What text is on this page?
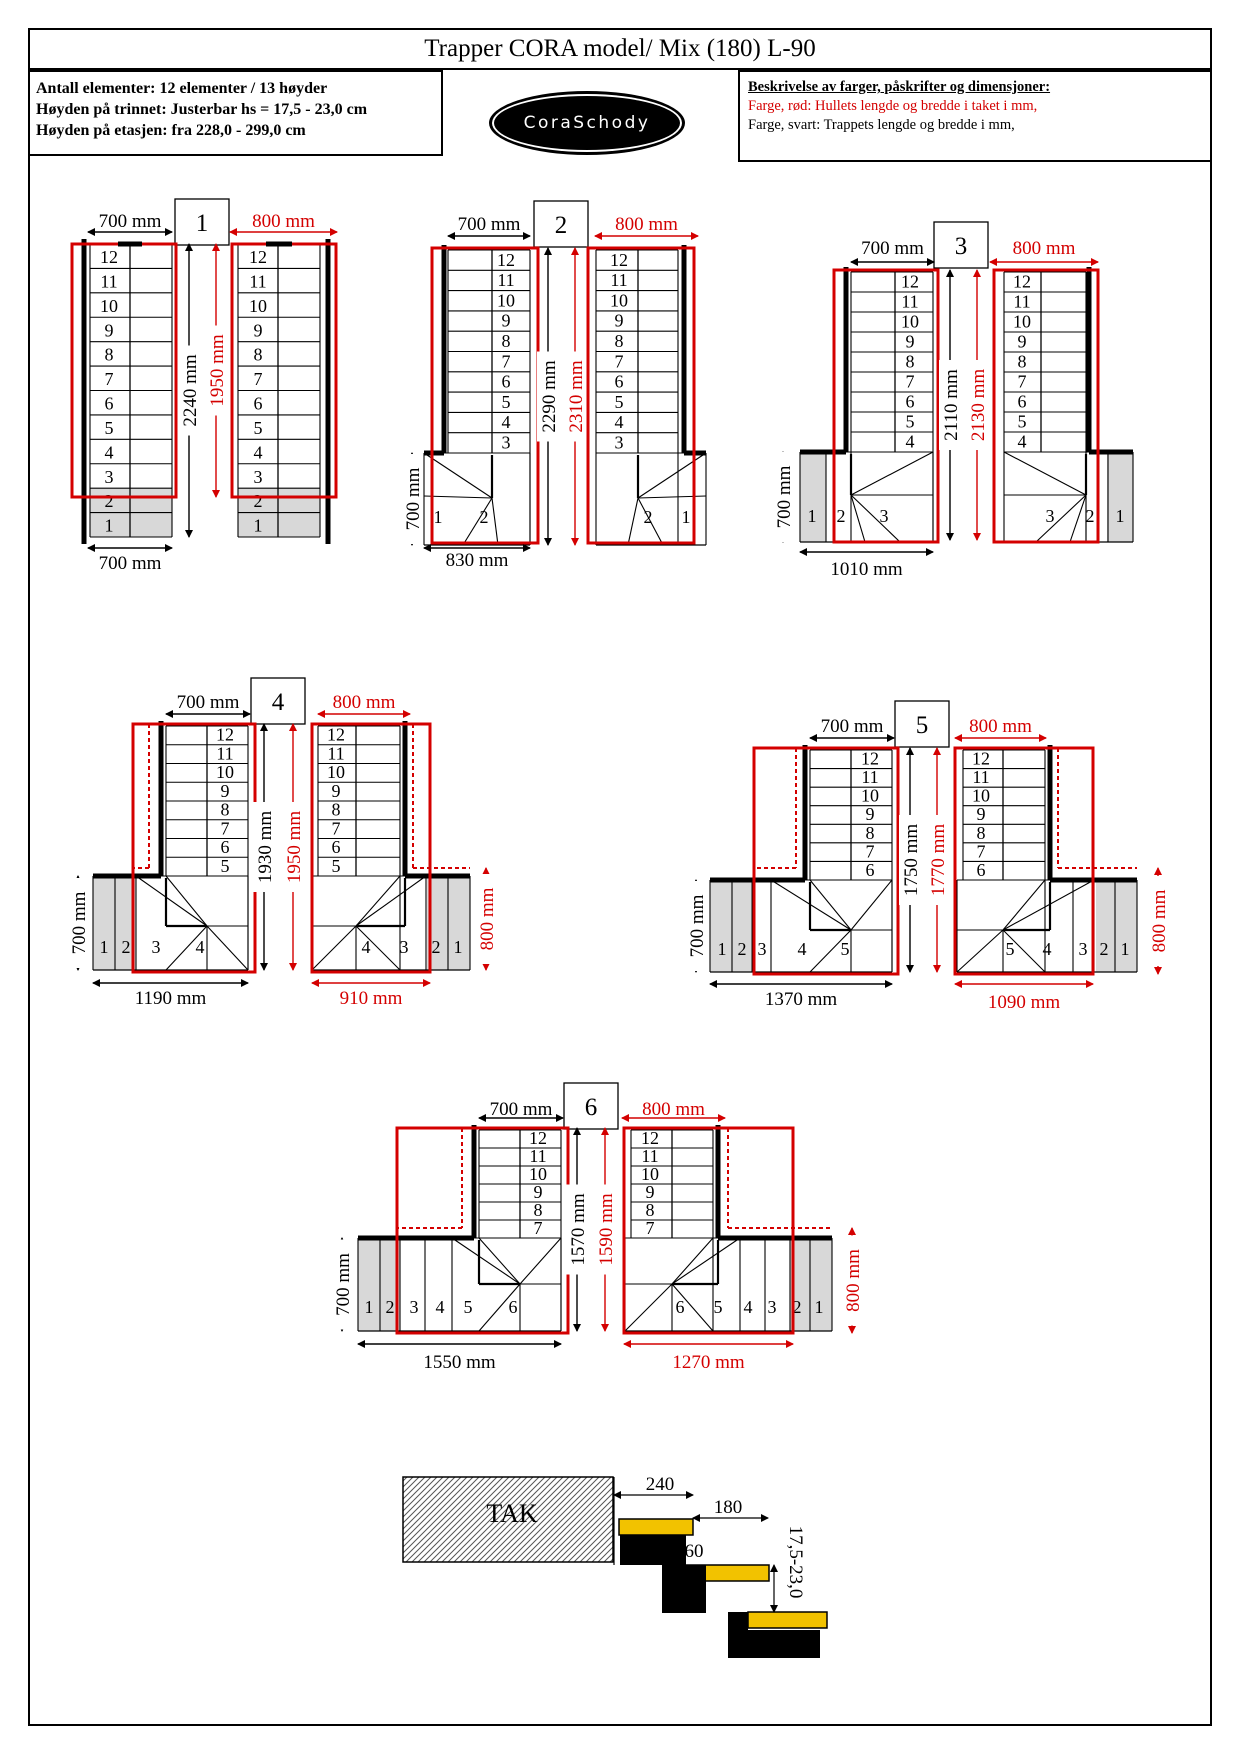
Trapper CORA model/ Mix (180) L-90
Antall elementer: 12 elementer / 13 høyder
Høyden på trinnet: Justerbar hs = 17,5 - 23,0 cm
Høyden på etasjen: fra 228,0 - 299,0 cm	CoraSchody
Beskrivelse av farger, påskrifter og dimensjoner:
Farge, rød: Hullets lengde og bredde i taket i mm,
Farge, svart: Trappets lengde og bredde i mm,
1
700 mm	800 mm
12
11
10
9
8
7
6
5
4
3
2
1
12
11
10
9
8
7
6
5
4
3
2
1
2240 mm 1950 mm
700 mm
2
700 mm	800 mm
12
11
10
9
8
7
6
5
4
3
1 2
12
11
10
9
8
7
6
5
4
3
2 1
2290 mm 2310 mm
700 mm
830 mm
3
700 mm	800 mm
12
11
10
9
8
7
6
5
4
1 2 3
12
11
10
9
8
7
6
5
4
3 2 1
2110 mm 2130 mm
700 mm
1010 mm
4
700 mm	800 mm
12
11
10
9
8
7
6
5
1 2 3 4
12
11
10
9
8
7
6
5
4 3 2 1
1930 mm 1950 mm
700 mm	800 mm
1190 mm	910 mm
5
700 mm	800 mm
12
11
10
9
8
7
6
1 2 3 4 5
12
11
10
9
8
7
6
5 4 3 2 1
1750 mm 1770 mm
700 mm	800 mm
1370 mm	1090 mm
6
700 mm	800 mm
12
11
10
9
8
7
1 2 3 4 5 6
12
11
10
9
8
7
6 5 4 3 2 1
1570 mm 1590 mm
700 mm	800 mm
1550 mm	1270 mm
TAK
240
180
60	17,5-23,0
